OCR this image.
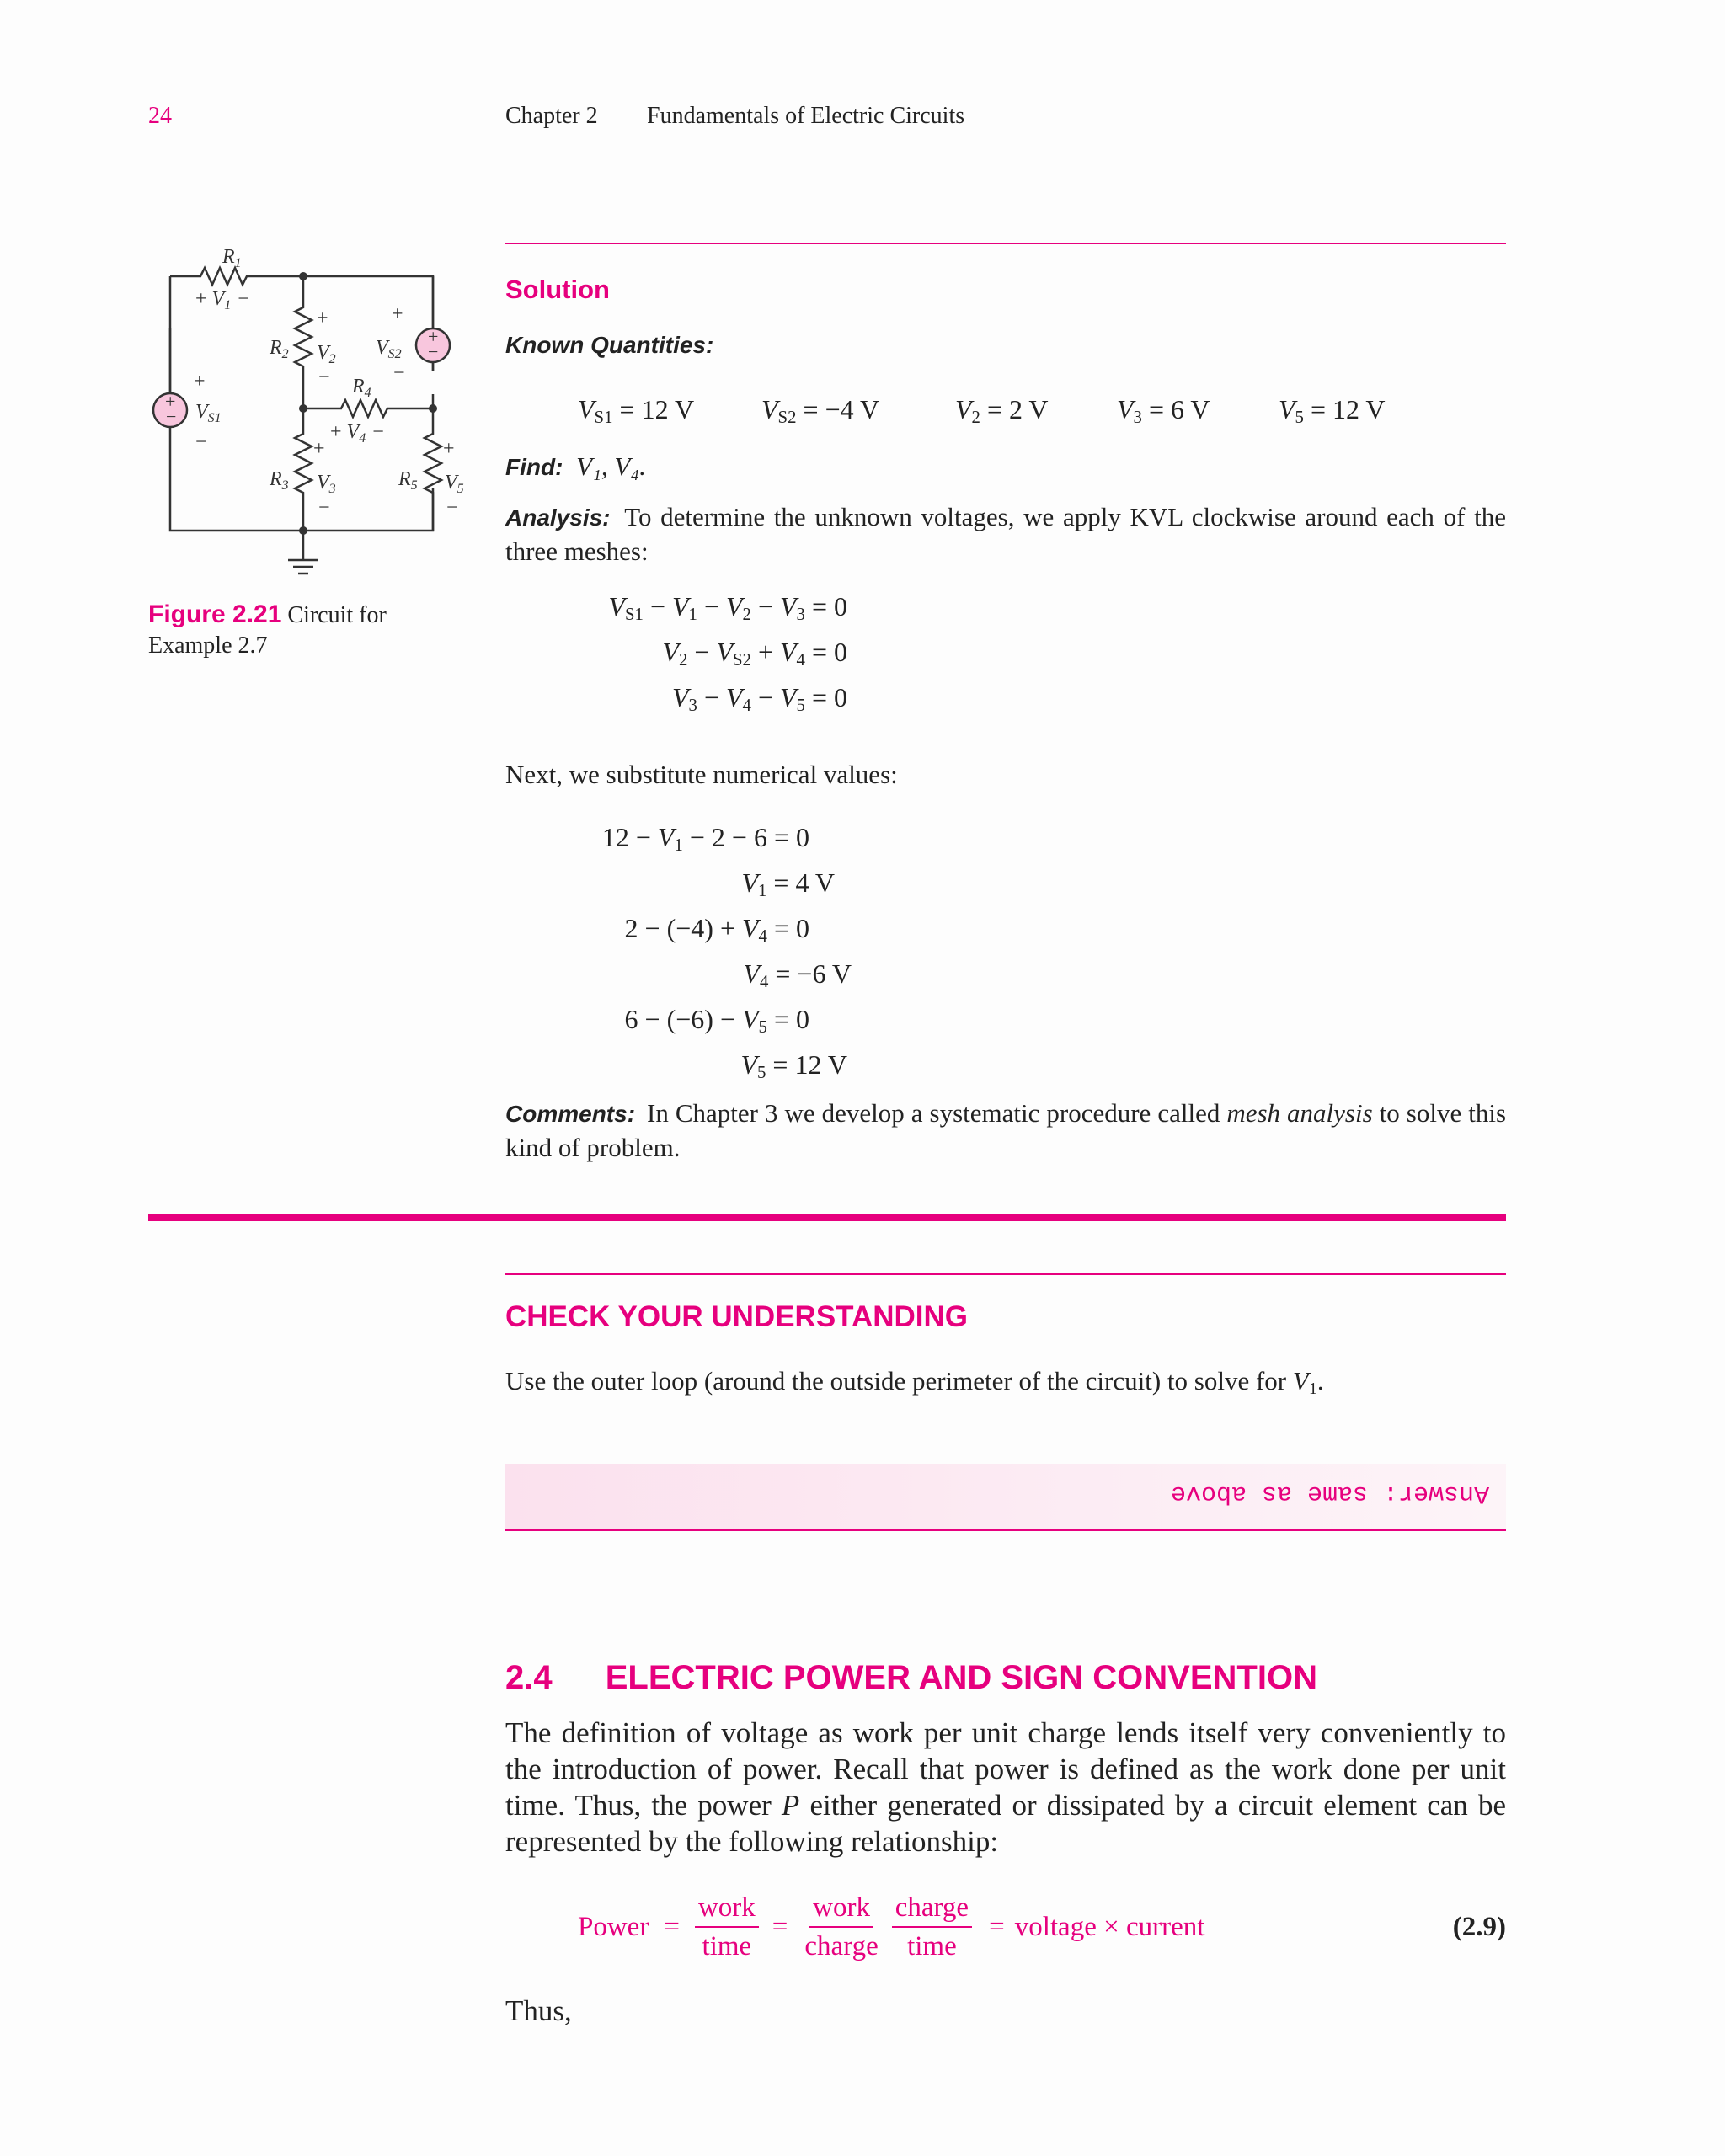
24	Chapter 2 Fundamentals of Electric Circuits
+
−
+
−
$R_1$
+ $V_1$ −
$R_2$ $V_2$
+
−
$V_{S2}$
+
−
$R_4$
+ $V_4$ −
+
−
$V_{S1}$
+
$R_3$ $V_3$
−
+
$R_5$ $V_5$
−
Figure 2.21 Circuit for
Example 2.7
Solution
Known Quantities:
$V_{S1} = 12$ V $V_{S2} = -4$ V	$V_2 = 2$ V	$V_3 = 6$ V	$V_5 = 12$ V
Find: V₁, V₄.
Analysis: To determine the unknown voltages, we apply KVL clockwise around each of the three meshes:
$V_{S1} - V_1 - V_2 - V_3 = 0$
$V_2 - V_{S2} + V_4 = 0$
$V_3 - V_4 - V_5 = 0$
Next, we substitute numerical values:
$12 - V_1 - 2 - 6 = 0$
$V_1 = 4$ V
$2 - (-4) + V_4 = 0$
$V_4 = -6$ V
$6 - (-6) - V_5 = 0$
$V_5 = 12$ V
Comments: In Chapter 3 we develop a systematic procedure called mesh analysis to solve this kind of problem.
CHECK YOUR UNDERSTANDING
Use the outer loop (around the outside perimeter of the circuit) to solve for $V_1$.
Answer: same as above
2.4 ELECTRIC POWER AND SIGN CONVENTION
The definition of voltage as work per unit charge lends itself very conveniently to the introduction of power. Recall that power is defined as the work done per unit time. Thus, the power P either generated or dissipated by a circuit element can be represented by the following relationship:
Power = $\frac{\text{work}}{\text{time}} = \frac{\text{work}}{\text{charge}} \frac{\text{charge}}{\text{time}}$ = voltage × current	(2.9)
Thus,
